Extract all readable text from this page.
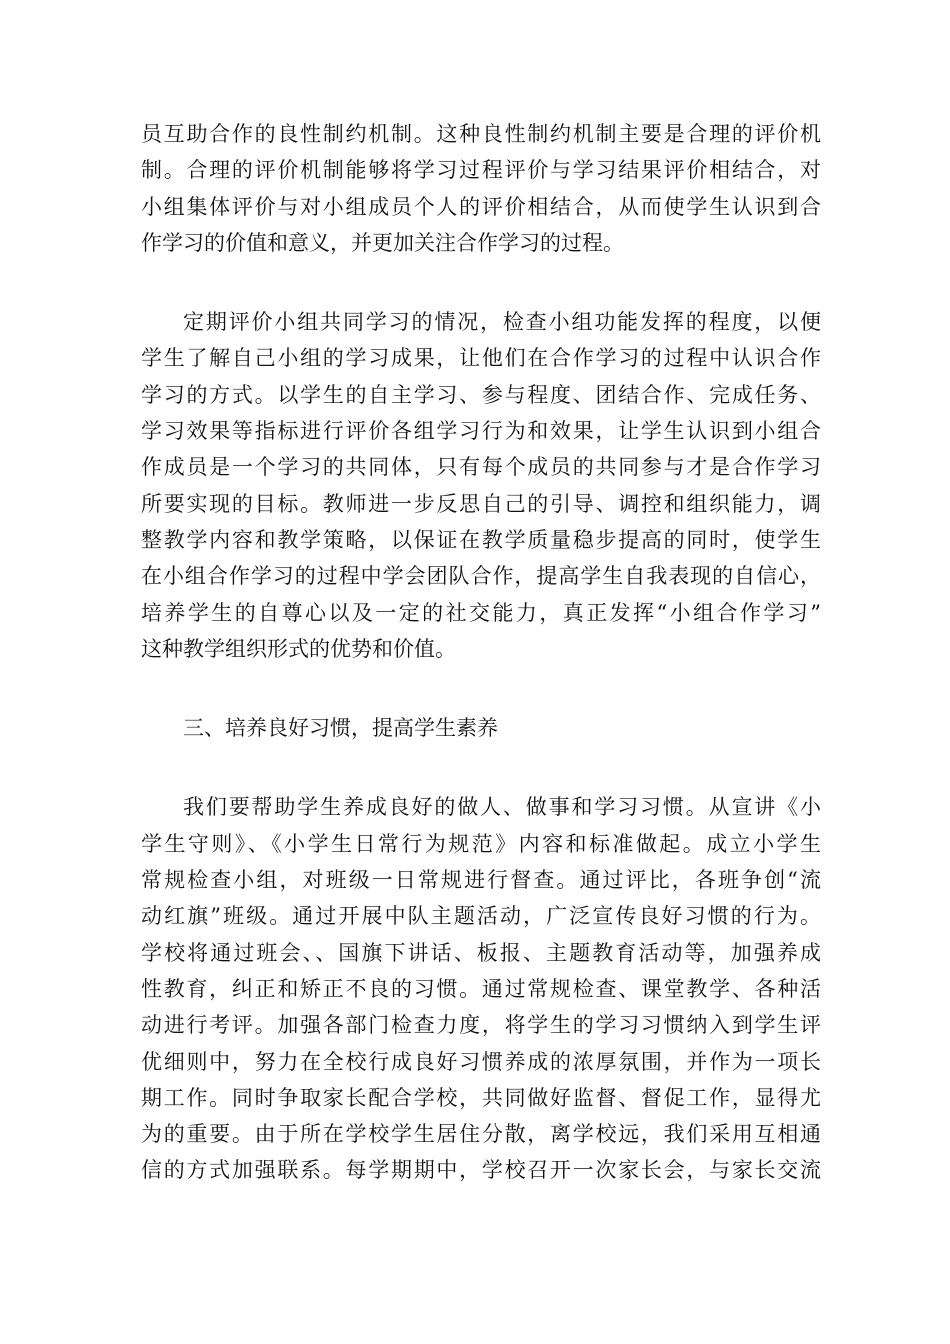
员互助合作的良性制约机制。这种良性制约机制主要是合理的评价机
制。合理的评价机制能够将学习过程评价与学习结果评价相结合，对
小组集体评价与对小组成员个人的评价相结合，从而使学生认识到合
作学习的价值和意义，并更加关注合作学习的过程。

定期评价小组共同学习的情况，检查小组功能发挥的程度，以便
学生了解自己小组的学习成果，让他们在合作学习的过程中认识合作
学习的方式。以学生的自主学习、参与程度、团结合作、完成任务、
学习效果等指标进行评价各组学习行为和效果，让学生认识到小组合
作成员是一个学习的共同体，只有每个成员的共同参与才是合作学习
所要实现的目标。教师进一步反思自己的引导、调控和组织能力，调
整教学内容和教学策略，以保证在教学质量稳步提高的同时，使学生
在小组合作学习的过程中学会团队合作，提高学生自我表现的自信心，
培养学生的自尊心以及一定的社交能力，真正发挥“小组合作学习”
这种教学组织形式的优势和价值。

三、培养良好习惯，提高学生素养

我们要帮助学生养成良好的做人、做事和学习习惯。从宣讲《小
学生守则》、《小学生日常行为规范》内容和标准做起。成立小学生
常规检查小组，对班级一日常规进行督查。通过评比，各班争创“流
动红旗”班级。通过开展中队主题活动，广泛宣传良好习惯的行为。
学校将通过班会、、国旗下讲话、板报、主题教育活动等，加强养成
性教育，纠正和矫正不良的习惯。通过常规检查、课堂教学、各种活
动进行考评。加强各部门检查力度，将学生的学习习惯纳入到学生评
优细则中，努力在全校行成良好习惯养成的浓厚氛围，并作为一项长
期工作。同时争取家长配合学校，共同做好监督、督促工作，显得尤
为的重要。由于所在学校学生居住分散，离学校远，我们采用互相通
信的方式加强联系。每学期期中，学校召开一次家长会，与家长交流
